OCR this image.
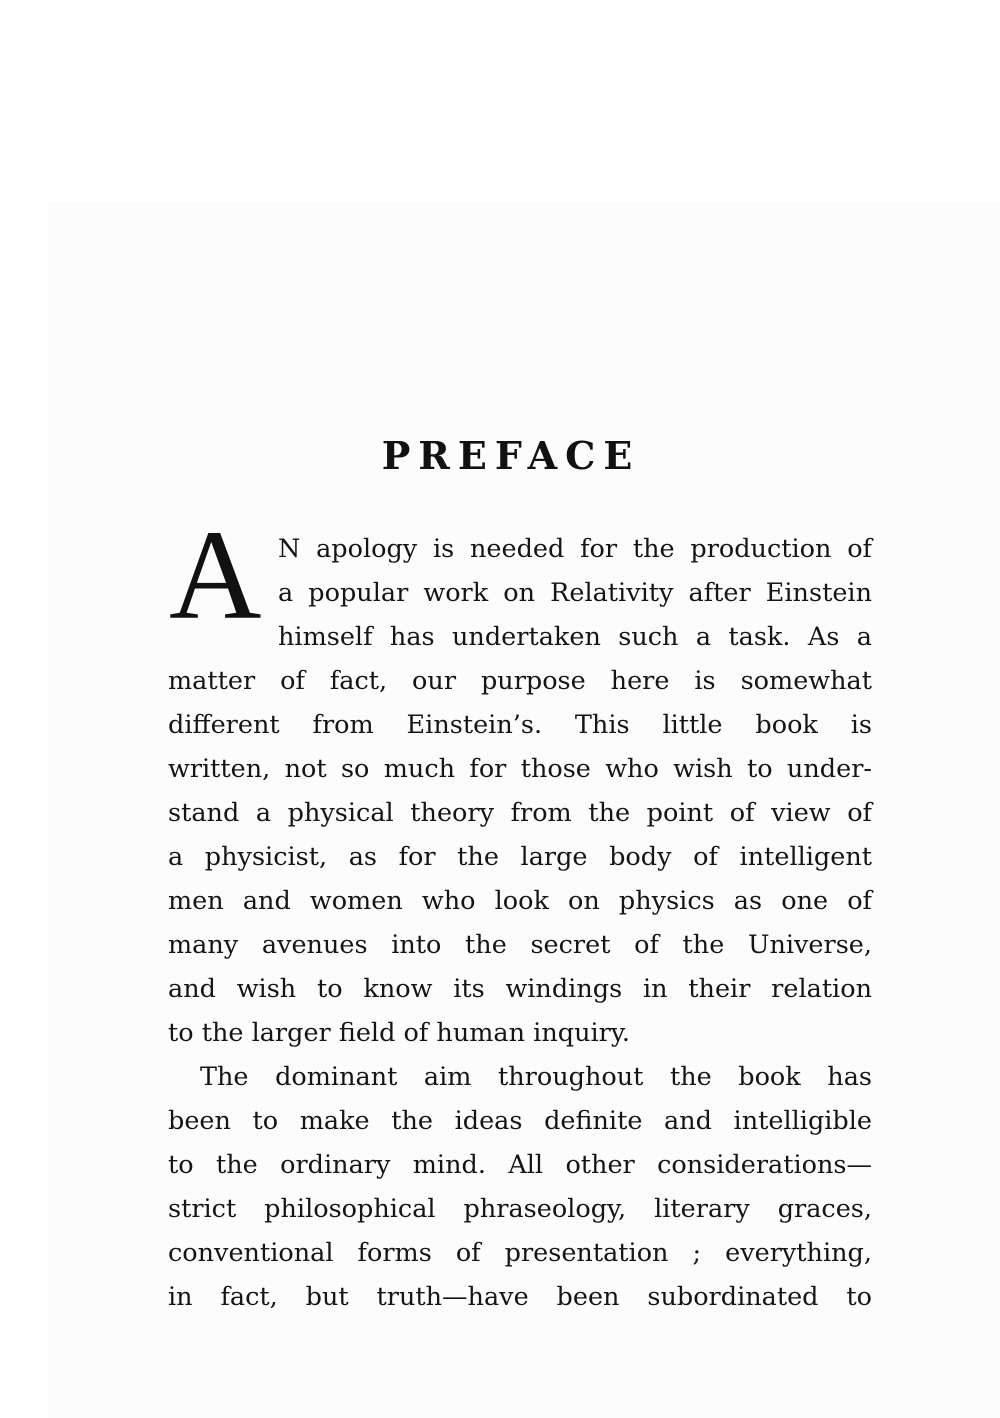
PREFACE
A N apology is needed for the production of
a popular work on Relativity after Einstein
himself has undertaken such a task. As a
matter of fact, our purpose here is somewhat
different from Einstein’s. This little book is
written, not so much for those who wish to under-
stand a physical theory from the point of view of
a physicist, as for the large body of intelligent
men and women who look on physics as one of
many avenues into the secret of the Universe,
and wish to know its windings in their relation
to the larger field of human inquiry.
The dominant aim throughout the book has
been to make the ideas definite and intelligible
to the ordinary mind. All other considerations—
strict philosophical phraseology, literary graces,
conventional forms of presentation ; everything,
in fact, but truth—have been subordinated to
